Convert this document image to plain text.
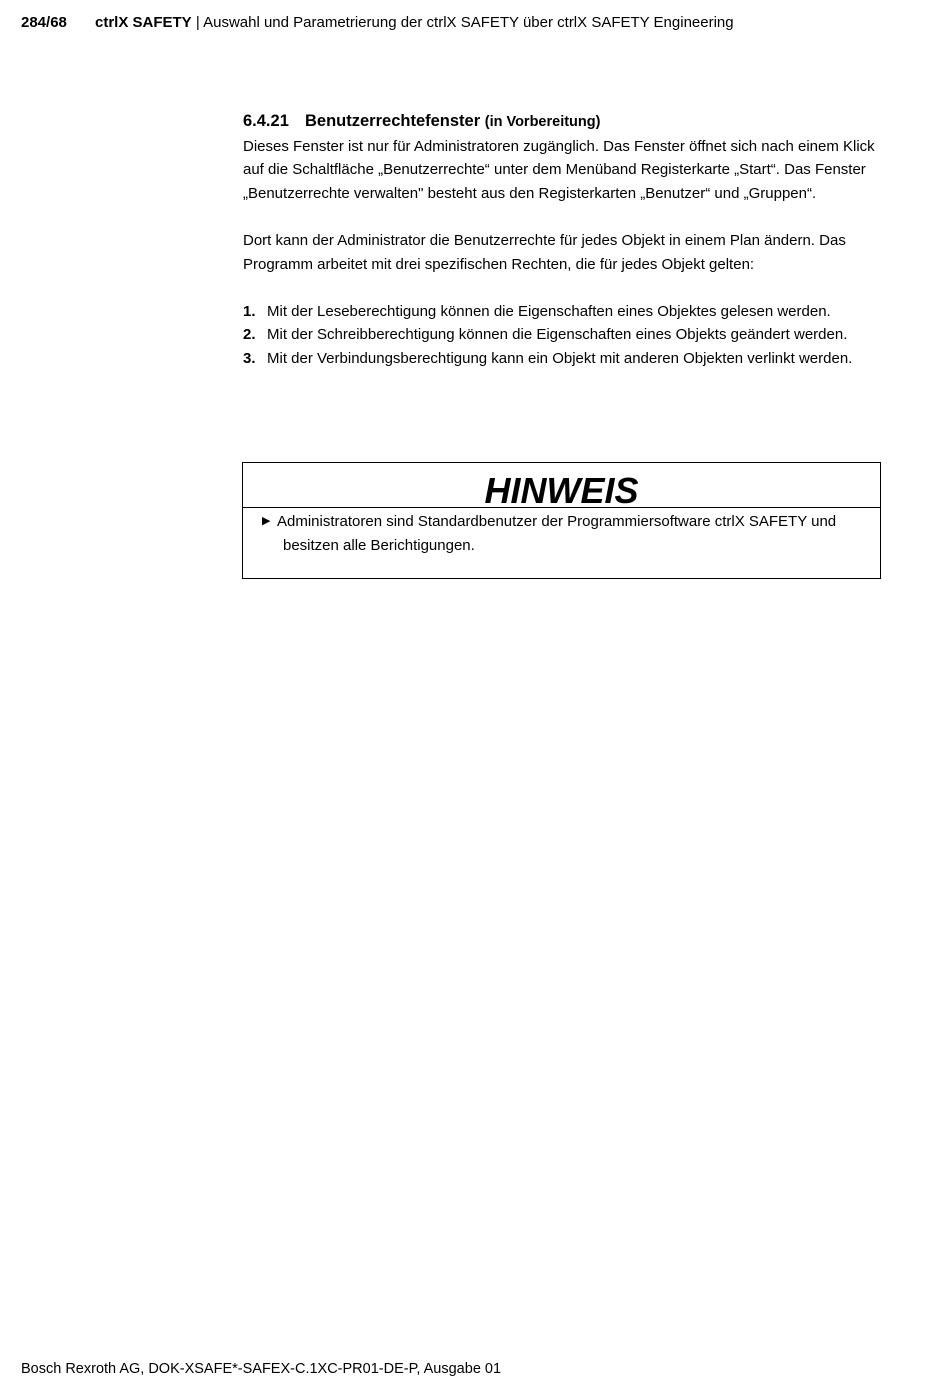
284/68 ctrlX SAFETY | Auswahl und Parametrierung der ctrlX SAFETY über ctrlX SAFETY Engineering
6.4.21 Benutzerrechtefenster (in Vorbereitung)

Dieses Fenster ist nur für Administratoren zugänglich. Das Fenster öffnet sich nach einem Klick auf die Schaltfläche „Benutzerrechte“ unter dem Menüband Registerkarte „Start“. Das Fenster „Benutzerrechte verwalten" besteht aus den Registerkarten „Benutzer“ und „Gruppen“.

Dort kann der Administrator die Benutzerrechte für jedes Objekt in einem Plan ändern. Das Programm arbeitet mit drei spezifischen Rechten, die für jedes Objekt gelten:

1. Mit der Leseberechtigung können die Eigenschaften eines Objektes gelesen werden.
2. Mit der Schreibberechtigung können die Eigenschaften eines Objekts geändert werden.
3. Mit der Verbindungsberechtigung kann ein Objekt mit anderen Objekten verlinkt werden.
HINWEIS
▶ Administratoren sind Standardbenutzer der Programmiersoftware ctrlX SAFETY und besitzen alle Berichtigungen.
Bosch Rexroth AG, DOK-XSAFE*-SAFEX-C.1XC-PR01-DE-P, Ausgabe 01
